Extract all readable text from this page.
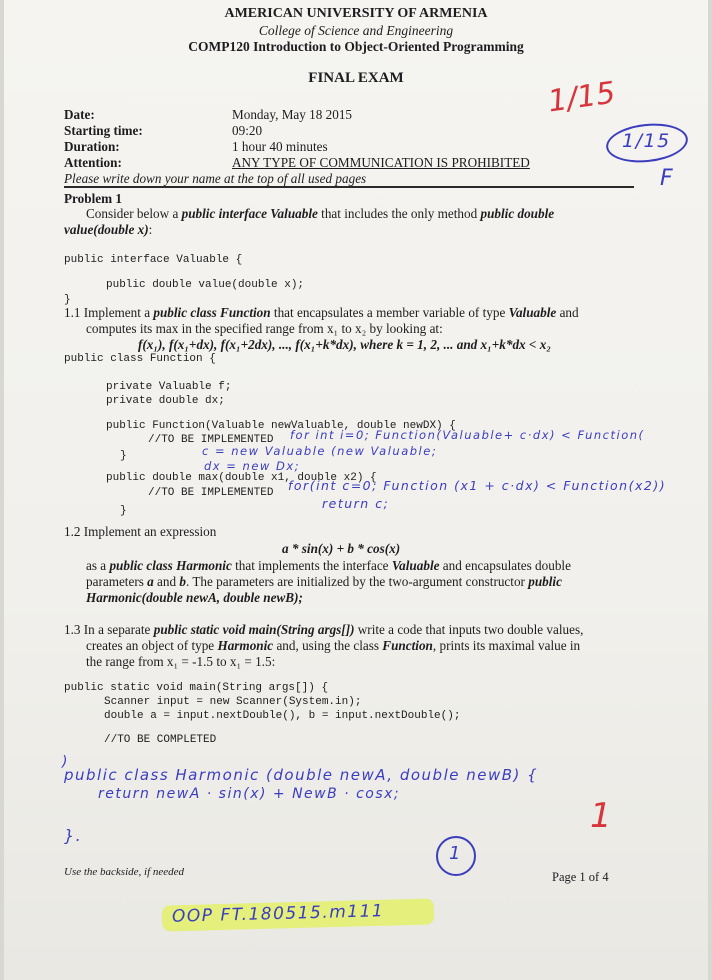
AMERICAN UNIVERSITY OF ARMENIA
College of Science and Engineering
COMP120 Introduction to Object-Oriented Programming
FINAL EXAM	1/15
1/15
F
Date:	Monday, May 18 2015
Starting time:	09:20
Duration:	1 hour 40 minutes
Attention:	ANY TYPE OF COMMUNICATION IS PROHIBITED
Please write down your name at the top of all used pages
Problem 1
Consider below a public interface Valuable that includes the only method public double
value(double x):
public interface Valuable {
public double value(double x);
}
1.1 Implement a public class Function that encapsulates a member variable of type Valuable and
computes its max in the specified range from x₁ to x₂ by looking at:
f(x₁), f(x₁+dx), f(x₁+2dx), ..., f(x₁+k*dx), where k = 1, 2, ... and x₁+k*dx < x₂
public class Function {
private Valuable f;
private double dx;
public Function(Valuable newValuable, double newDX) {
//TO BE IMPLEMENTED
}
public double max(double x1, double x2) {
//TO BE IMPLEMENTED
}
for int i=0; Function(Valuable+ c·dx) < Function(
c = new Valuable (new Valuable;
dx = new Dx;
for(int c=0; Function (x1 + c·dx) < Function(x2))
return c;
1.2 Implement an expression
a * sin(x) + b * cos(x)
as a public class Harmonic that implements the interface Valuable and encapsulates double
parameters a and b. The parameters are initialized by the two-argument constructor public
Harmonic(double newA, double newB);
1.3 In a separate public static void main(String args[]) write a code that inputs two double values,
creates an object of type Harmonic and, using the class Function, prints its maximal value in
the range from x₁ = -1.5 to x₁ = 1.5:
public static void main(String args[]) {
Scanner input = new Scanner(System.in);
double a = input.nextDouble(), b = input.nextDouble();
//TO BE COMPLETED
)
public class Harmonic (double newA, double newB) {
return newA · sin(x) + NewB · cosx;
}.	1
1
Use the backside, if needed	Page 1 of 4
OOP FT.180515.m111
